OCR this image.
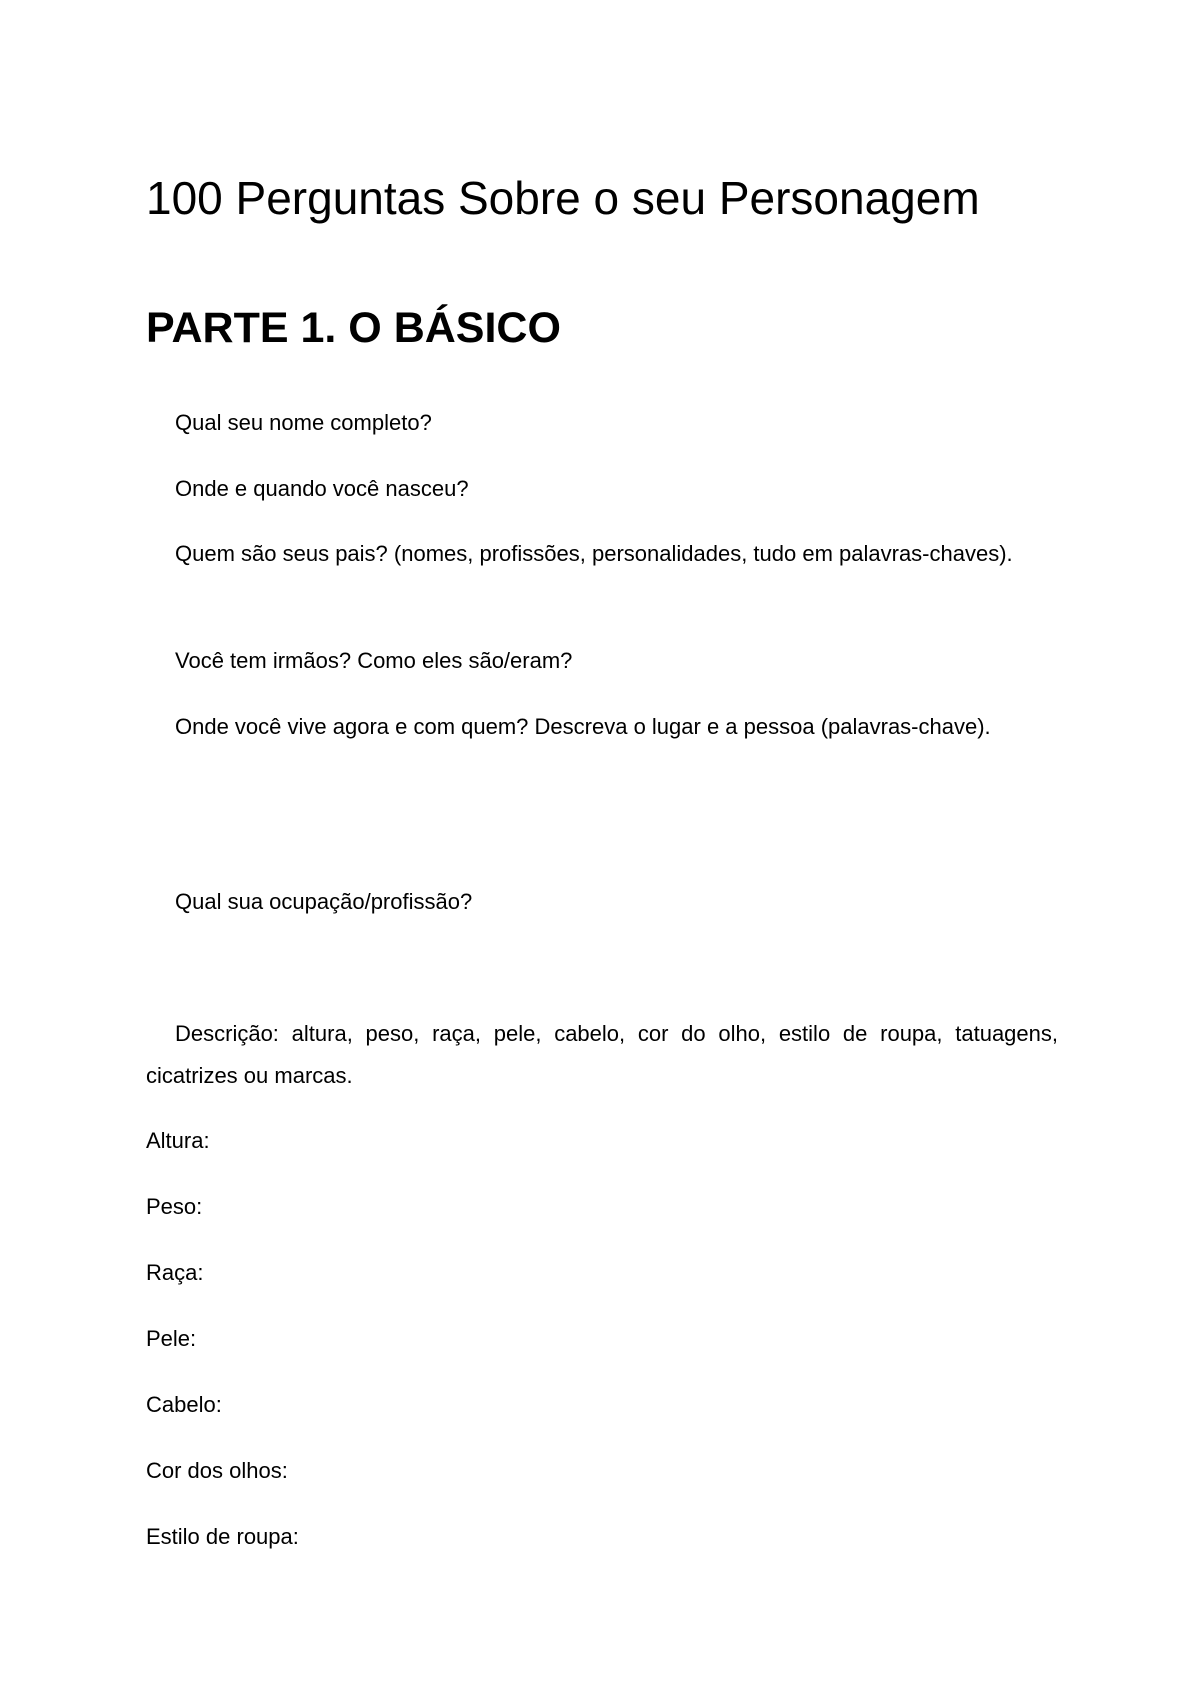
100 Perguntas Sobre o seu Personagem
PARTE 1. O BÁSICO

Qual seu nome completo?

Onde e quando você nasceu?

Quem são seus pais? (nomes, profissões, personalidades, tudo em palavras-chaves).

Você tem irmãos? Como eles são/eram?

Onde você vive agora e com quem? Descreva o lugar e a pessoa (palavras-chave).

Qual sua ocupação/profissão?

Descrição: altura, peso, raça, pele, cabelo, cor do olho, estilo de roupa, tatuagens, cicatrizes ou marcas.

Altura:

Peso:

Raça:

Pele:

Cabelo:

Cor dos olhos:

Estilo de roupa:
